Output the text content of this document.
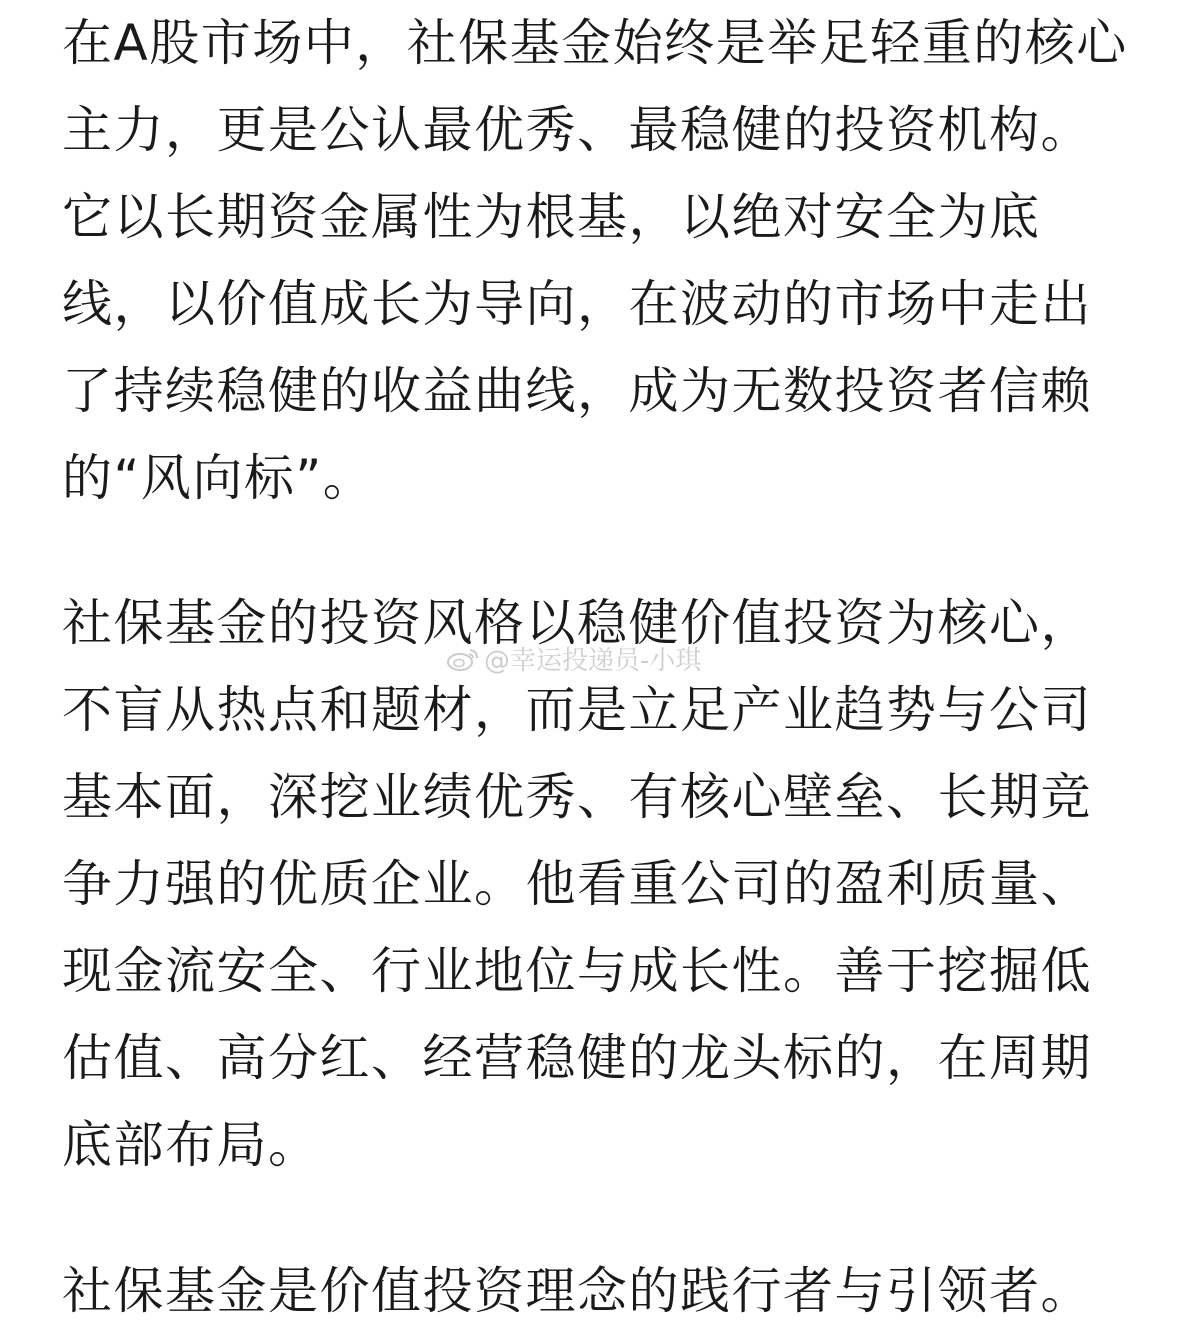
在A股市场中，社保基金始终是举足轻重的核心
主力，更是公认最优秀、最稳健的投资机构。
它以长期资金属性为根基，以绝对安全为底
线，以价值成长为导向，在波动的市场中走出
了持续稳健的收益曲线，成为无数投资者信赖
的“风向标”。
社保基金的投资风格以稳健价值投资为核心，
不盲从热点和题材，而是立足产业趋势与公司
基本面，深挖业绩优秀、有核心壁垒、长期竞
争力强的优质企业。他看重公司的盈利质量、
现金流安全、行业地位与成长性。善于挖掘低
估值、高分红、经营稳健的龙头标的，在周期
底部布局。
社保基金是价值投资理念的践行者与引领者。
@幸运投递员-小琪
